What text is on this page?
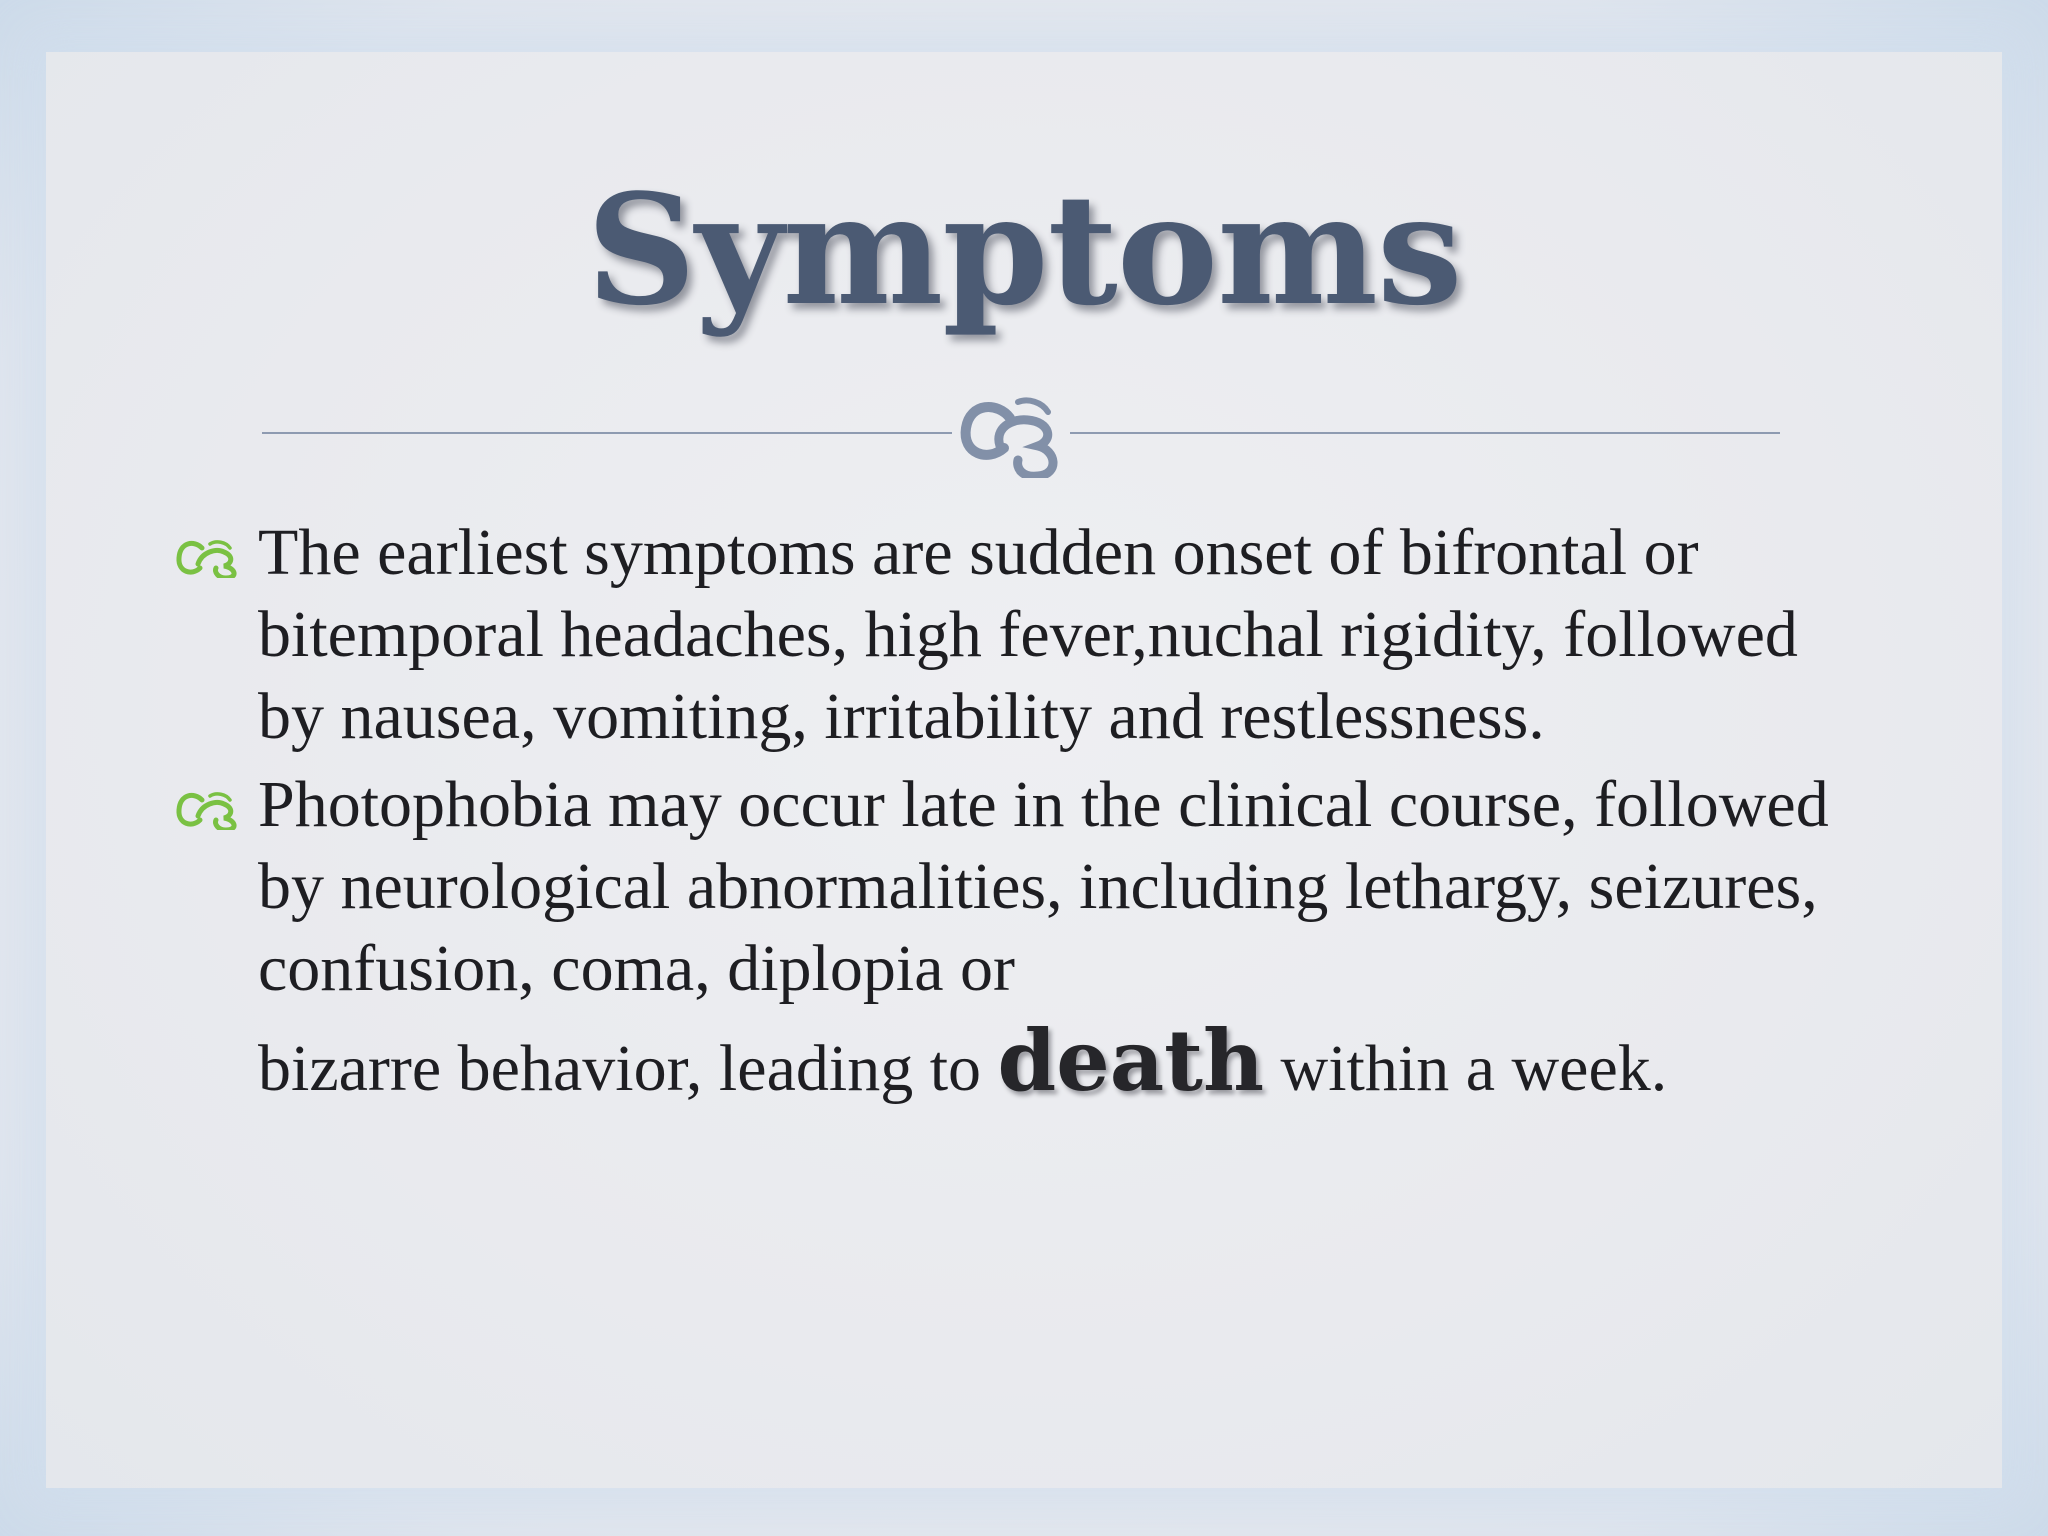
Symptoms
The earliest symptoms are sudden onset of bifrontal or bitemporal headaches, high fever,nuchal rigidity, followed by nausea, vomiting, irritability and restlessness.
Photophobia may occur late in the clinical course, followed by neurological abnormalities, including lethargy, seizures, confusion, coma, diplopia or
bizarre behavior, leading to death within a week.
